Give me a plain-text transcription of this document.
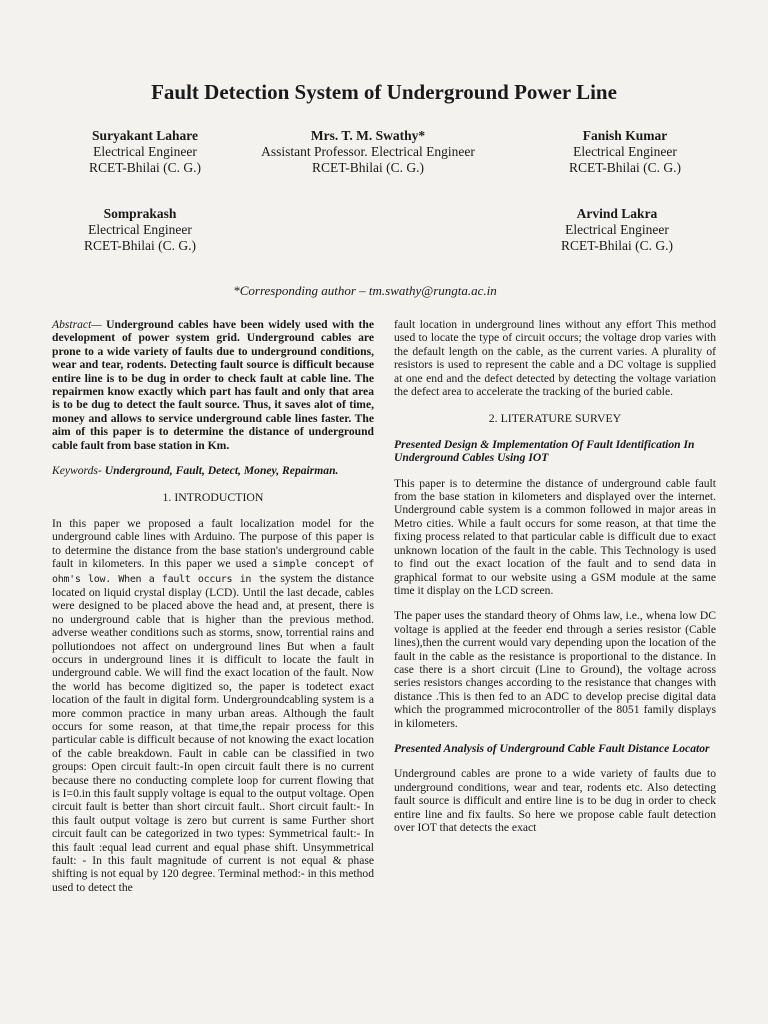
Fault Detection System of Underground Power Line
Suryakant Lahare
Electrical Engineer
RCET-Bhilai (C. G.)
Mrs. T. M. Swathy*
Assistant Professor. Electrical Engineer
RCET-Bhilai (C. G.)
Fanish Kumar
Electrical Engineer
RCET-Bhilai (C. G.)
Somprakash
Electrical Engineer
RCET-Bhilai (C. G.)
Arvind Lakra
Electrical Engineer
RCET-Bhilai (C. G.)
*Corresponding author – tm.swathy@rungta.ac.in

Abstract— Underground cables have been widely used with the development of power system grid. Underground cables are prone to a wide variety of faults due to underground conditions, wear and tear, rodents. Detecting fault source is difficult because entire line is to be dug in order to check fault at cable line. The repairmen know exactly which part has fault and only that area is to be dug to detect the fault source. Thus, it saves alot of time, money and allows to service underground cable lines faster. The aim of this paper is to determine the distance of underground cable fault from base station in Km.

Keywords- Underground, Fault, Detect, Money, Repairman.

1. INTRODUCTION

In this paper we proposed a fault localization model for the underground cable lines with Arduino. The purpose of this paper is to determine the distance from the base station's underground cable fault in kilometers. In this paper we used a simple concept of ohm's low. When a fault occurs in the system the distance located on liquid crystal display (LCD). Until the last decade, cables were designed to be placed above the head and, at present, there is no underground cable that is higher than the previous method. adverse weather conditions such as storms, snow, torrential rains and pollutiondoes not affect on underground lines But when a fault occurs in underground lines it is difficult to locate the fault in underground cable. We will find the exact location of the fault. Now the world has become digitized so, the paper is todetect exact location of the fault in digital form. Undergroundcabling system is a more common practice in many urban areas. Although the fault occurs for some reason, at that time,the repair process for this particular cable is difficult because of not knowing the exact location of the cable breakdown. Fault in cable can be classified in two groups: Open circuit fault:-In open circuit fault there is no current because there no conducting complete loop for current flowing that is I=0.in this fault supply voltage is equal to the output voltage. Open circuit fault is better than short circuit fault.. Short circuit fault:- In this fault output voltage is zero but current is same Further short circuit fault can be categorized in two types: Symmetrical fault:- In this fault :equal lead current and equal phase shift. Unsymmetrical fault: - In this fault magnitude of current is not equal & phase shifting is not equal by 120 degree. Terminal method:- in this method used to detect the

fault location in underground lines without any effort This method used to locate the type of circuit occurs; the voltage drop varies with the default length on the cable, as the current varies. A plurality of resistors is used to represent the cable and a DC voltage is supplied at one end and the defect detected by detecting the voltage variation the defect area to accelerate the tracking of the buried cable.

2. LITERATURE SURVEY

Presented Design & Implementation Of Fault Identification In Underground Cables Using IOT

This paper is to determine the distance of underground cable fault from the base station in kilometers and displayed over the internet. Underground cable system is a common followed in major areas in Metro cities. While a fault occurs for some reason, at that time the fixing process related to that particular cable is difficult due to exact unknown location of the fault in the cable. This Technology is used to find out the exact location of the fault and to send data in graphical format to our website using a GSM module at the same time it display on the LCD screen.

The paper uses the standard theory of Ohms law, i.e., whena low DC voltage is applied at the feeder end through a series resistor (Cable lines),then the current would vary depending upon the location of the fault in the cable as the resistance is proportional to the distance. In case there is a short circuit (Line to Ground), the voltage across series resistors changes according to the resistance that changes with distance .This is then fed to an ADC to develop precise digital data which the programmed microcontroller of the 8051 family displays in kilometers.

Presented Analysis of Underground Cable Fault Distance Locator

Underground cables are prone to a wide variety of faults due to underground conditions, wear and tear, rodents etc. Also detecting fault source is difficult and entire line is to be dug in order to check entire line and fix faults. So here we propose cable fault detection over IOT that detects the exact
